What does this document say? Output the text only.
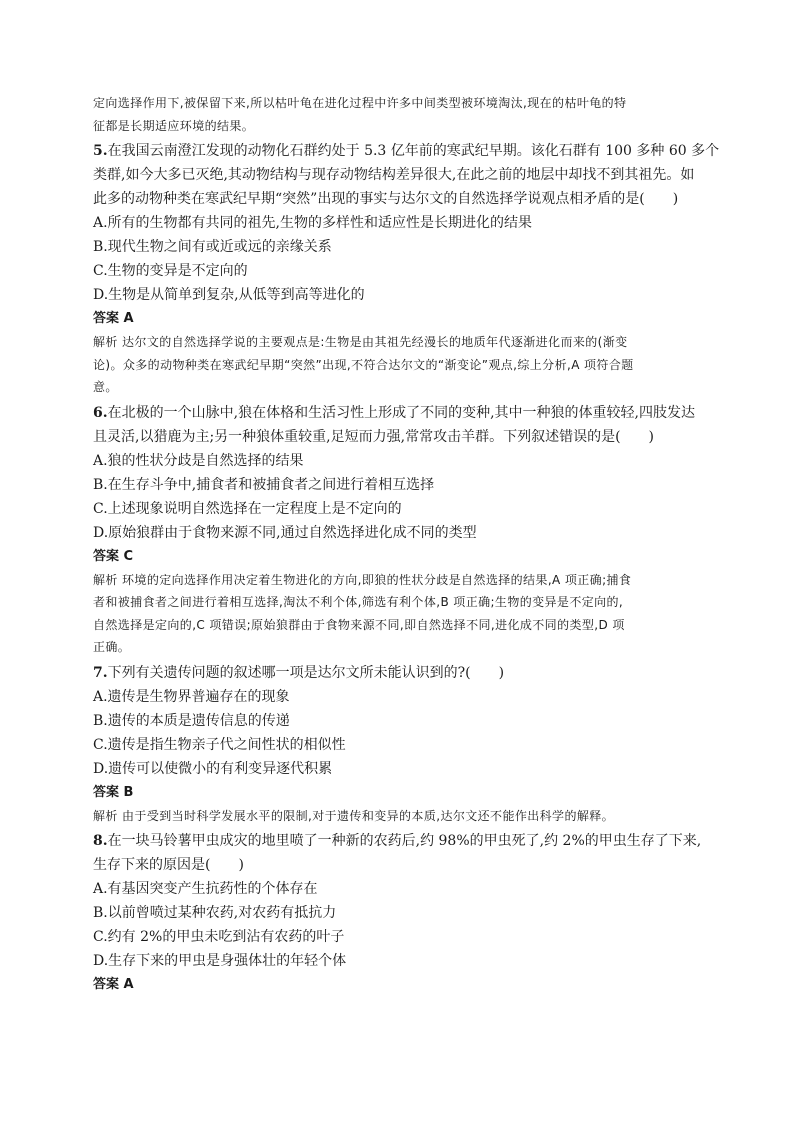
定向选择作用下,被保留下来,所以枯叶龟在进化过程中许多中间类型被环境淘汰,现在的枯叶龟的特
征都是长期适应环境的结果。
5.在我国云南澄江发现的动物化石群约处于 5.3 亿年前的寒武纪早期。该化石群有 100 多种 60 多个
类群,如今大多已灭绝,其动物结构与现存动物结构差异很大,在此之前的地层中却找不到其祖先。如
此多的动物种类在寒武纪早期“突然”出现的事实与达尔文的自然选择学说观点相矛盾的是(　　)
A.所有的生物都有共同的祖先,生物的多样性和适应性是长期进化的结果
B.现代生物之间有或近或远的亲缘关系
C.生物的变异是不定向的
D.生物是从简单到复杂,从低等到高等进化的
答案 A
解析 达尔文的自然选择学说的主要观点是:生物是由其祖先经漫长的地质年代逐渐进化而来的(渐变
论)。众多的动物种类在寒武纪早期“突然”出现,不符合达尔文的“渐变论”观点,综上分析,A 项符合题
意。
6.在北极的一个山脉中,狼在体格和生活习性上形成了不同的变种,其中一种狼的体重较轻,四肢发达
且灵活,以猎鹿为主;另一种狼体重较重,足短而力强,常常攻击羊群。下列叙述错误的是(　　)
A.狼的性状分歧是自然选择的结果
B.在生存斗争中,捕食者和被捕食者之间进行着相互选择
C.上述现象说明自然选择在一定程度上是不定向的
D.原始狼群由于食物来源不同,通过自然选择进化成不同的类型
答案 C
解析 环境的定向选择作用决定着生物进化的方向,即狼的性状分歧是自然选择的结果,A 项正确;捕食
者和被捕食者之间进行着相互选择,淘汰不利个体,筛选有利个体,B 项正确;生物的变异是不定向的,
自然选择是定向的,C 项错误;原始狼群由于食物来源不同,即自然选择不同,进化成不同的类型,D 项
正确。
7.下列有关遗传问题的叙述哪一项是达尔文所未能认识到的?(　　)
A.遗传是生物界普遍存在的现象
B.遗传的本质是遗传信息的传递
C.遗传是指生物亲子代之间性状的相似性
D.遗传可以使微小的有利变异逐代积累
答案 B
解析 由于受到当时科学发展水平的限制,对于遗传和变异的本质,达尔文还不能作出科学的解释。
8.在一块马铃薯甲虫成灾的地里喷了一种新的农药后,约 98%的甲虫死了,约 2%的甲虫生存了下来,
生存下来的原因是(　　)
A.有基因突变产生抗药性的个体存在
B.以前曾喷过某种农药,对农药有抵抗力
C.约有 2%的甲虫未吃到沾有农药的叶子
D.生存下来的甲虫是身强体壮的年轻个体
答案 A
